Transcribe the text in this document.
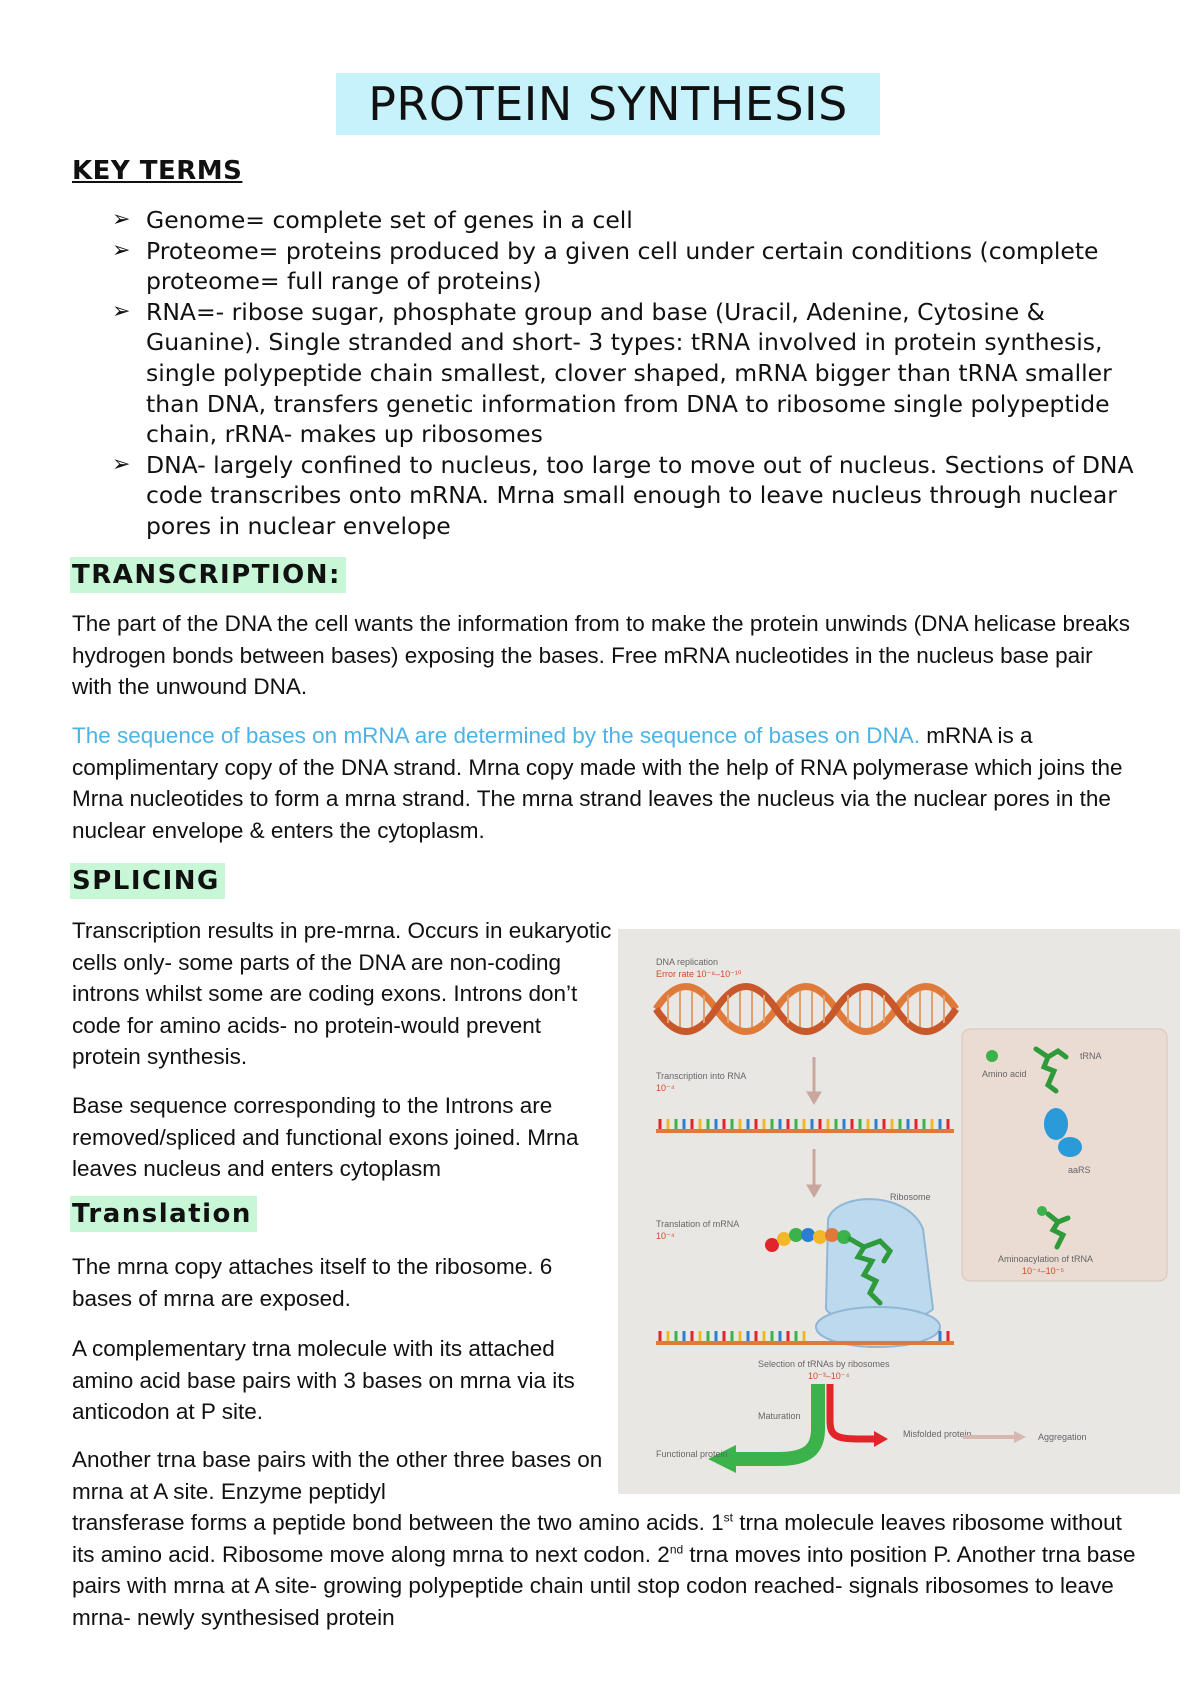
PROTEIN SYNTHESIS
KEY TERMS
➢ Genome= complete set of genes in a cell
➢ Proteome= proteins produced by a given cell under certain conditions (complete proteome= full range of proteins)
➢ RNA=- ribose sugar, phosphate group and base (Uracil, Adenine, Cytosine & Guanine). Single stranded and short- 3 types: tRNA involved in protein synthesis, single polypeptide chain smallest, clover shaped, mRNA bigger than tRNA smaller than DNA, transfers genetic information from DNA to ribosome single polypeptide chain, rRNA- makes up ribosomes
➢ DNA- largely confined to nucleus, too large to move out of nucleus. Sections of DNA code transcribes onto mRNA. Mrna small enough to leave nucleus through nuclear pores in nuclear envelope
TRANSCRIPTION:

The part of the DNA the cell wants the information from to make the protein unwinds (DNA helicase breaks hydrogen bonds between bases) exposing the bases. Free mRNA nucleotides in the nucleus base pair with the unwound DNA.

The sequence of bases on mRNA are determined by the sequence of bases on DNA. mRNA is a complimentary copy of the DNA strand. Mrna copy made with the help of RNA polymerase which joins the Mrna nucleotides to form a mrna strand. The mrna strand leaves the nucleus via the nuclear pores in the nuclear envelope & enters the cytoplasm.

SPLICING

Transcription results in pre-mrna. Occurs in eukaryotic cells only- some parts of the DNA are non-coding introns whilst some are coding exons. Introns don’t code for amino acids- no protein-would prevent protein synthesis.

Base sequence corresponding to the Introns are removed/spliced and functional exons joined. Mrna leaves nucleus and enters cytoplasm

Translation

The mrna copy attaches itself to the ribosome. 6 bases of mrna are exposed.

A complementary trna molecule with its attached amino acid base pairs with 3 bases on mrna via its anticodon at P site.

Another trna base pairs with the other three bases on mrna at A site. Enzyme peptidyl

transferase forms a peptide bond between the two amino acids. 1st trna molecule leaves ribosome without its amino acid. Ribosome move along mrna to next codon. 2nd trna moves into position P. Another trna base pairs with mrna at A site- growing polypeptide chain until stop codon reached- signals ribosomes to leave mrna- newly synthesised protein

DNA replication
Error rate 10⁻⁸–10⁻¹⁰
Transcription into RNA
10⁻⁴
Amino acid
tRNA
aaRS
Aminoacylation of tRNA
10⁻⁴–10⁻⁵
Translation of mRNA
10⁻⁴
Ribosome
Selection of tRNAs by ribosomes
10⁻³–10⁻⁴
Maturation
Misfolded protein	Aggregation
Functional protein
